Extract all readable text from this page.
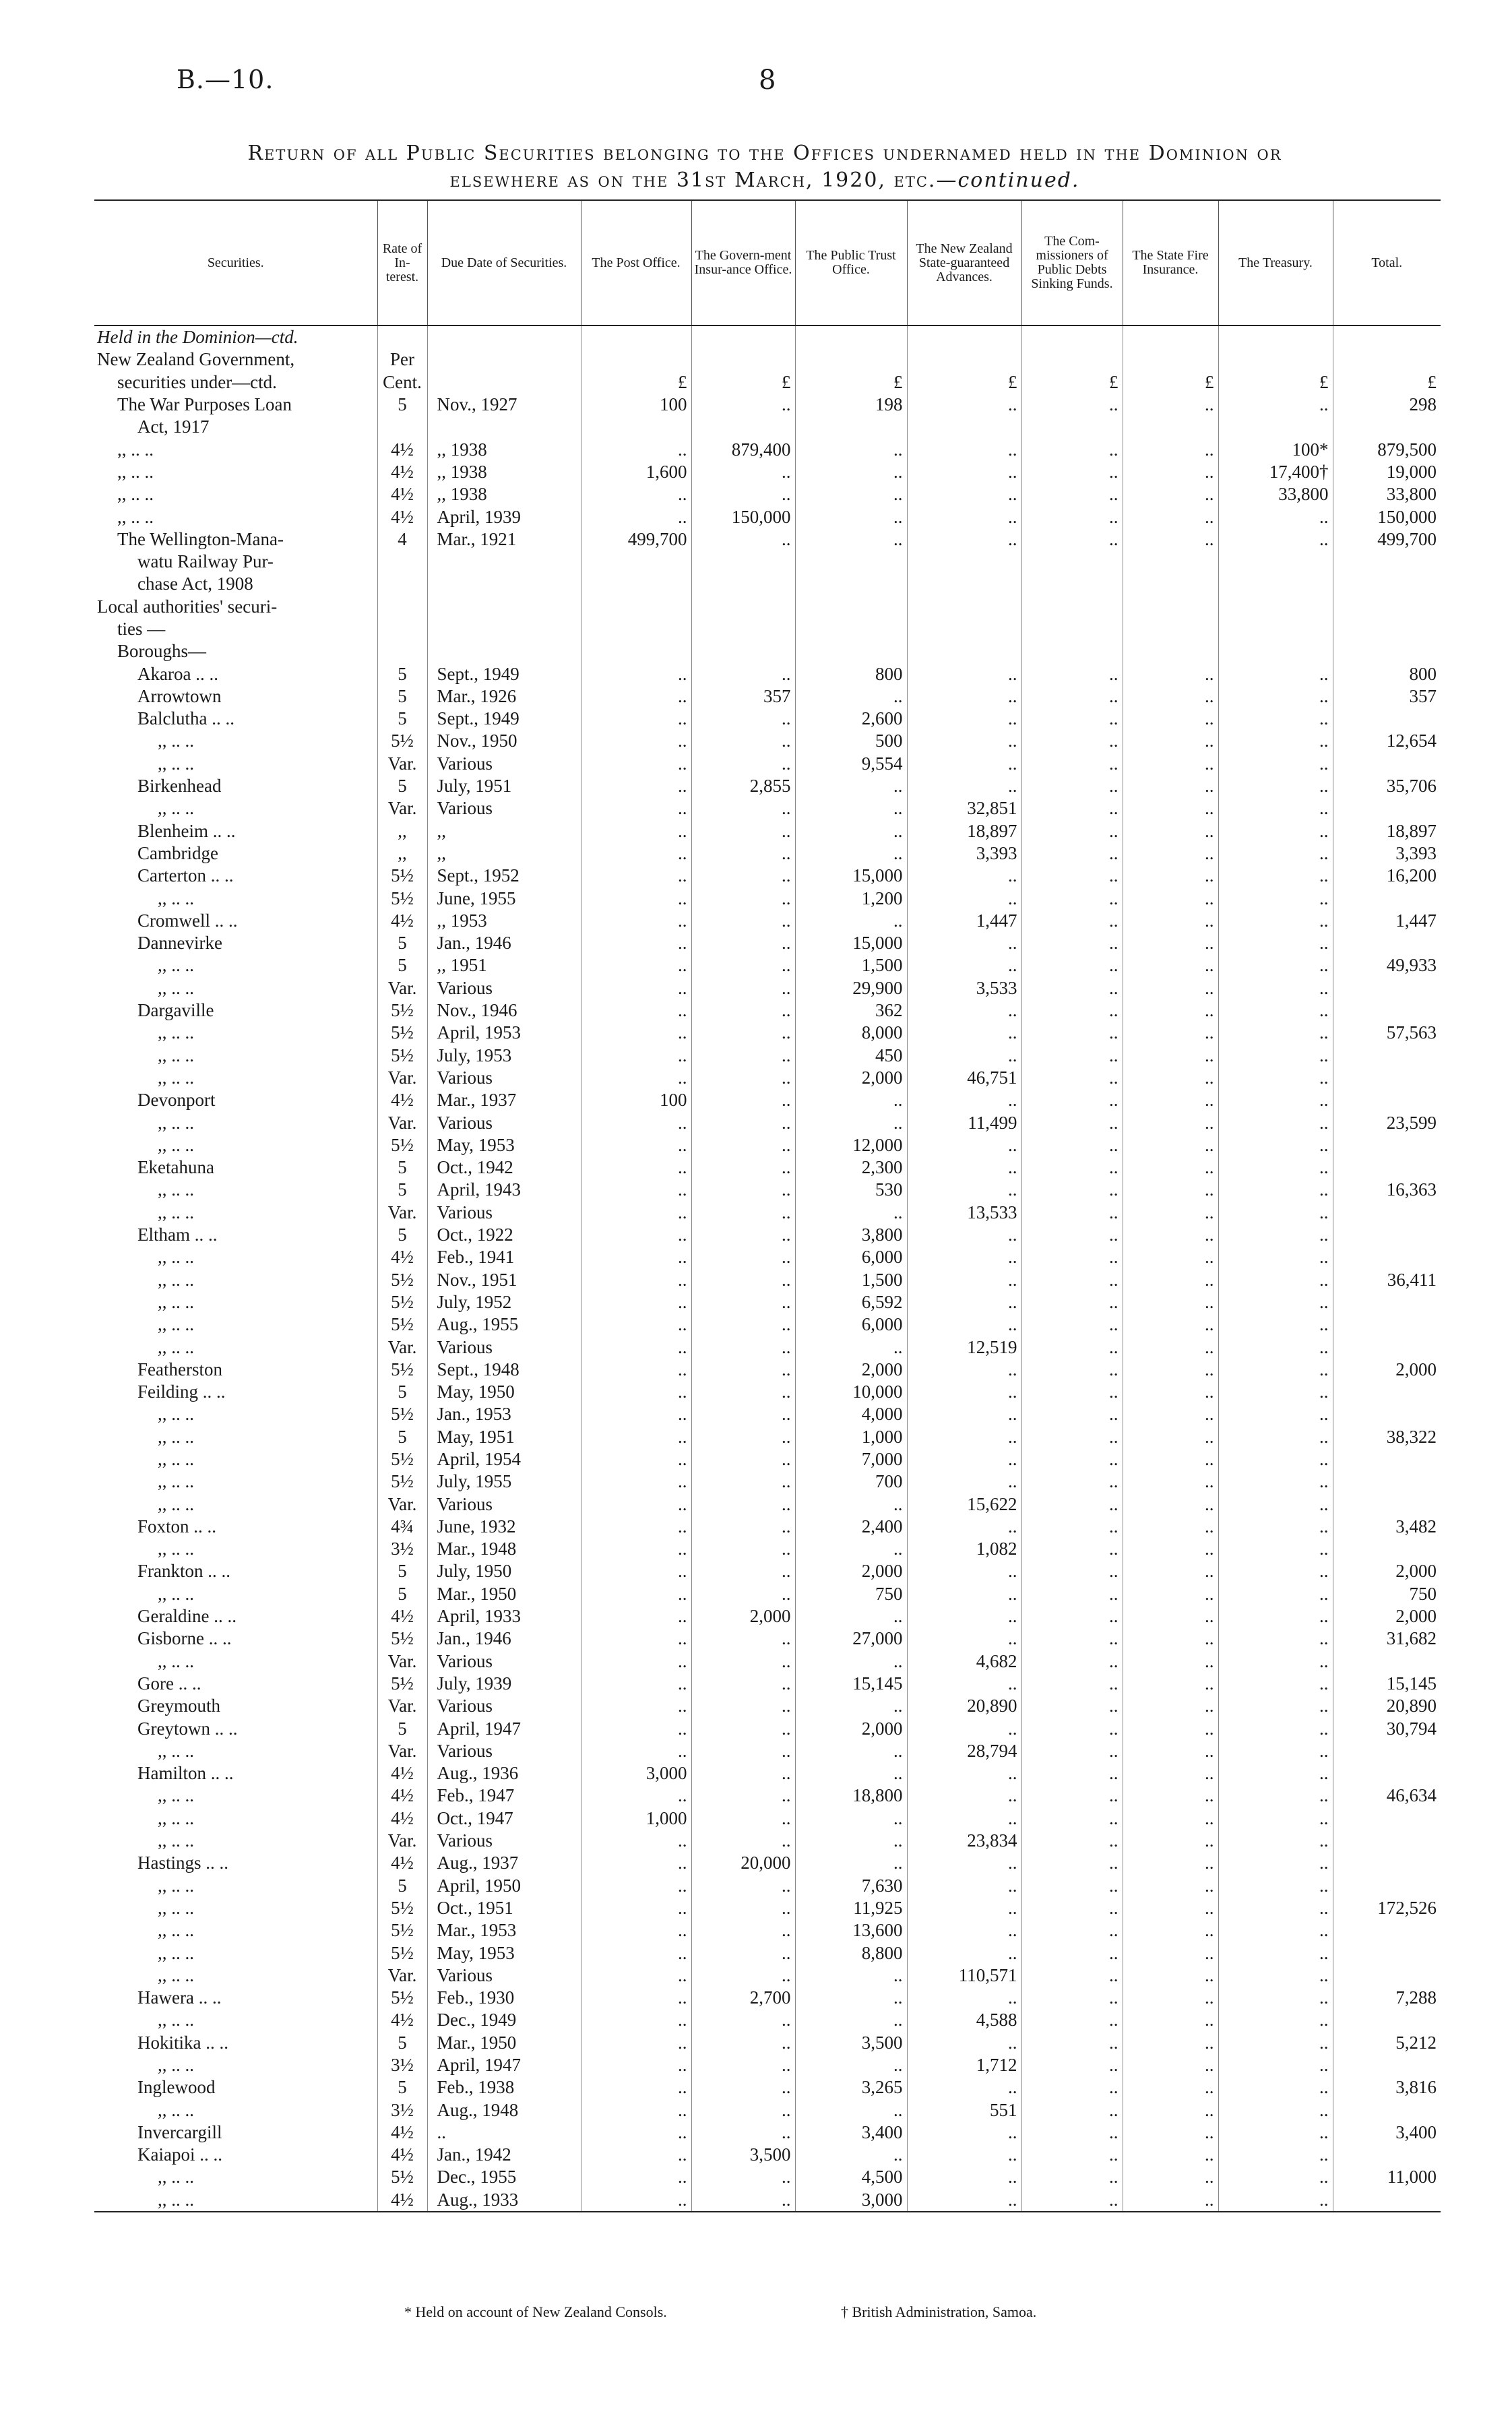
B.—10.	8
Return of all Public Securities belonging to the Offices undernamed held in the Dominion or
elsewhere as on the 31st March, 1920, etc.—continued.
Securities.	Rate of In-terest.	Due Date of Securities.	The Post Office.	The Govern-ment Insur-ance Office.	The Public Trust Office.	The New Zealand State-guaranteed Advances.	The Com-missioners of Public Debts Sinking Funds.	The State Fire Insurance.	The Treasury.	Total.
Held in the Dominion—ctd.										
New Zealand Government,	Per									
securities under—ctd.	Cent.		£	£	£	£	£	£	£	£
The War Purposes Loan	5	Nov., 1927	100	..	198	..	..	..	..	298
Act, 1917										
,, .. ..	4½	,, 1938	..	879,400	..	..	..	..	100*	879,500
,, .. ..	4½	,, 1938	1,600	..	..	..	..	..	17,400†	19,000
,, .. ..	4½	,, 1938	..	..	..	..	..	..	33,800	33,800
,, .. ..	4½	April, 1939	..	150,000	..	..	..	..	..	150,000
The Wellington-Mana-	4	Mar., 1921	499,700	..	..	..	..	..	..	499,700
watu Railway Pur-										
chase Act, 1908										
Local authorities' securi-										
ties —										
Boroughs—										
Akaroa .. ..	5	Sept., 1949	..	..	800	..	..	..	..	800
Arrowtown	5	Mar., 1926	..	357	..	..	..	..	..	357
Balclutha .. ..	5	Sept., 1949	..	..	2,600	..	..	..	..	
,, .. ..	5½	Nov., 1950	..	..	500	..	..	..	..	12,654
,, .. ..	Var.	Various	..	..	9,554	..	..	..	..	
Birkenhead	5	July, 1951	..	2,855	..	..	..	..	..	35,706
,, .. ..	Var.	Various	..	..	..	32,851	..	..	..	
Blenheim .. ..	,,	,,	..	..	..	18,897	..	..	..	18,897
Cambridge	,,	,,	..	..	..	3,393	..	..	..	3,393
Carterton .. ..	5½	Sept., 1952	..	..	15,000	..	..	..	..	16,200
,, .. ..	5½	June, 1955	..	..	1,200	..	..	..	..	
Cromwell .. ..	4½	,, 1953	..	..	..	1,447	..	..	..	1,447
Dannevirke	5	Jan., 1946	..	..	15,000	..	..	..	..	
,, .. ..	5	,, 1951	..	..	1,500	..	..	..	..	49,933
,, .. ..	Var.	Various	..	..	29,900	3,533	..	..	..	
Dargaville	5½	Nov., 1946	..	..	362	..	..	..	..	
,, .. ..	5½	April, 1953	..	..	8,000	..	..	..	..	57,563
,, .. ..	5½	July, 1953	..	..	450	..	..	..	..	
,, .. ..	Var.	Various	..	..	2,000	46,751	..	..	..	
Devonport	4½	Mar., 1937	100	..	..	..	..	..	..	
,, .. ..	Var.	Various	..	..	..	11,499	..	..	..	23,599
,, .. ..	5½	May, 1953	..	..	12,000	..	..	..	..	
Eketahuna	5	Oct., 1942	..	..	2,300	..	..	..	..	
,, .. ..	5	April, 1943	..	..	530	..	..	..	..	16,363
,, .. ..	Var.	Various	..	..	..	13,533	..	..	..	
Eltham .. ..	5	Oct., 1922	..	..	3,800	..	..	..	..	
,, .. ..	4½	Feb., 1941	..	..	6,000	..	..	..	..	
,, .. ..	5½	Nov., 1951	..	..	1,500	..	..	..	..	36,411
,, .. ..	5½	July, 1952	..	..	6,592	..	..	..	..	
,, .. ..	5½	Aug., 1955	..	..	6,000	..	..	..	..	
,, .. ..	Var.	Various	..	..	..	12,519	..	..	..	
Featherston	5½	Sept., 1948	..	..	2,000	..	..	..	..	2,000
Feilding .. ..	5	May, 1950	..	..	10,000	..	..	..	..	
,, .. ..	5½	Jan., 1953	..	..	4,000	..	..	..	..	
,, .. ..	5	May, 1951	..	..	1,000	..	..	..	..	38,322
,, .. ..	5½	April, 1954	..	..	7,000	..	..	..	..	
,, .. ..	5½	July, 1955	..	..	700	..	..	..	..	
,, .. ..	Var.	Various	..	..	..	15,622	..	..	..	
Foxton .. ..	4¾	June, 1932	..	..	2,400	..	..	..	..	3,482
,, .. ..	3½	Mar., 1948	..	..	..	1,082	..	..	..	
Frankton .. ..	5	July, 1950	..	..	2,000	..	..	..	..	2,000
,, .. ..	5	Mar., 1950	..	..	750	..	..	..	..	750
Geraldine .. ..	4½	April, 1933	..	2,000	..	..	..	..	..	2,000
Gisborne .. ..	5½	Jan., 1946	..	..	27,000	..	..	..	..	31,682
,, .. ..	Var.	Various	..	..	..	4,682	..	..	..	
Gore .. ..	5½	July, 1939	..	..	15,145	..	..	..	..	15,145
Greymouth	Var.	Various	..	..	..	20,890	..	..	..	20,890
Greytown .. ..	5	April, 1947	..	..	2,000	..	..	..	..	30,794
,, .. ..	Var.	Various	..	..	..	28,794	..	..	..	
Hamilton .. ..	4½	Aug., 1936	3,000	..	..	..	..	..	..	
,, .. ..	4½	Feb., 1947	..	..	18,800	..	..	..	..	46,634
,, .. ..	4½	Oct., 1947	1,000	..	..	..	..	..	..	
,, .. ..	Var.	Various	..	..	..	23,834	..	..	..	
Hastings .. ..	4½	Aug., 1937	..	20,000	..	..	..	..	..	
,, .. ..	5	April, 1950	..	..	7,630	..	..	..	..	
,, .. ..	5½	Oct., 1951	..	..	11,925	..	..	..	..	172,526
,, .. ..	5½	Mar., 1953	..	..	13,600	..	..	..	..	
,, .. ..	5½	May, 1953	..	..	8,800	..	..	..	..	
,, .. ..	Var.	Various	..	..	..	110,571	..	..	..	
Hawera .. ..	5½	Feb., 1930	..	2,700	..	..	..	..	..	7,288
,, .. ..	4½	Dec., 1949	..	..	..	4,588	..	..	..	
Hokitika .. ..	5	Mar., 1950	..	..	3,500	..	..	..	..	5,212
,, .. ..	3½	April, 1947	..	..	..	1,712	..	..	..	
Inglewood	5	Feb., 1938	..	..	3,265	..	..	..	..	3,816
,, .. ..	3½	Aug., 1948	..	..	..	551	..	..	..	
Invercargill	4½	..	..	..	3,400	..	..	..	..	3,400
Kaiapoi .. ..	4½	Jan., 1942	..	3,500	..	..	..	..	..	
,, .. ..	5½	Dec., 1955	..	..	4,500	..	..	..	..	11,000
,, .. ..	4½	Aug., 1933	..	..	3,000	..	..	..	..	
* Held on account of New Zealand Consols.	† British Administration, Samoa.
